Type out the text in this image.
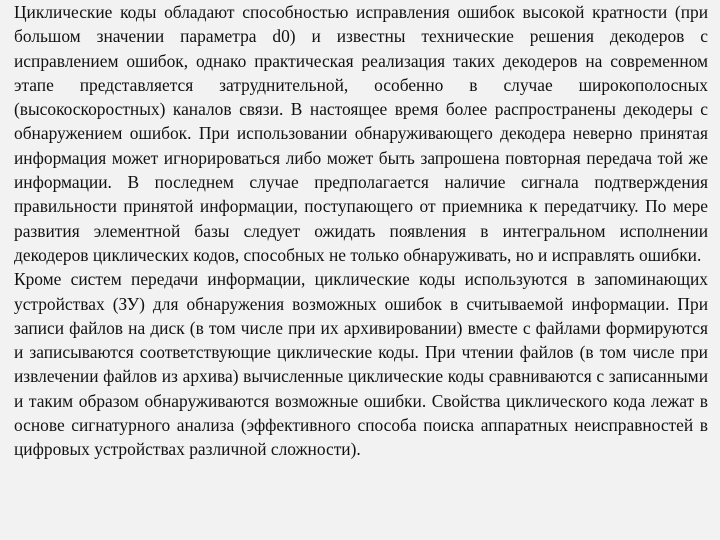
Циклические коды обладают способностью исправления ошибок высокой кратности (при большом значении параметра d0) и известны технические решения декодеров с исправлением ошибок, однако практическая реализация таких декодеров на современном этапе представляется затруднительной, особенно в случае широкополосных (высокоскоростных) каналов связи. В настоящее время более распространены декодеры с обнаружением ошибок. При использовании обнаруживающего декодера неверно принятая информация может игнорироваться либо может быть запрошена повторная передача той же информации. В последнем случае предполагается наличие сигнала подтверждения правильности принятой информации, поступающего от приемника к передатчику. По мере развития элементной базы следует ожидать появления в интегральном исполнении декодеров циклических кодов, способных не только обнаруживать, но и исправлять ошибки.

Кроме систем передачи информации, циклические коды используются в запоминающих устройствах (ЗУ) для обнаружения возможных ошибок в считываемой информации. При записи файлов на диск (в том числе при их архивировании) вместе с файлами формируются и записываются соответствующие циклические коды. При чтении файлов (в том числе при извлечении файлов из архива) вычисленные циклические коды сравниваются с записанными и таким образом обнаруживаются возможные ошибки. Свойства циклического кода лежат в основе сигнатурного анализа (эффективного способа поиска аппаратных неисправностей в цифровых устройствах различной сложности).
